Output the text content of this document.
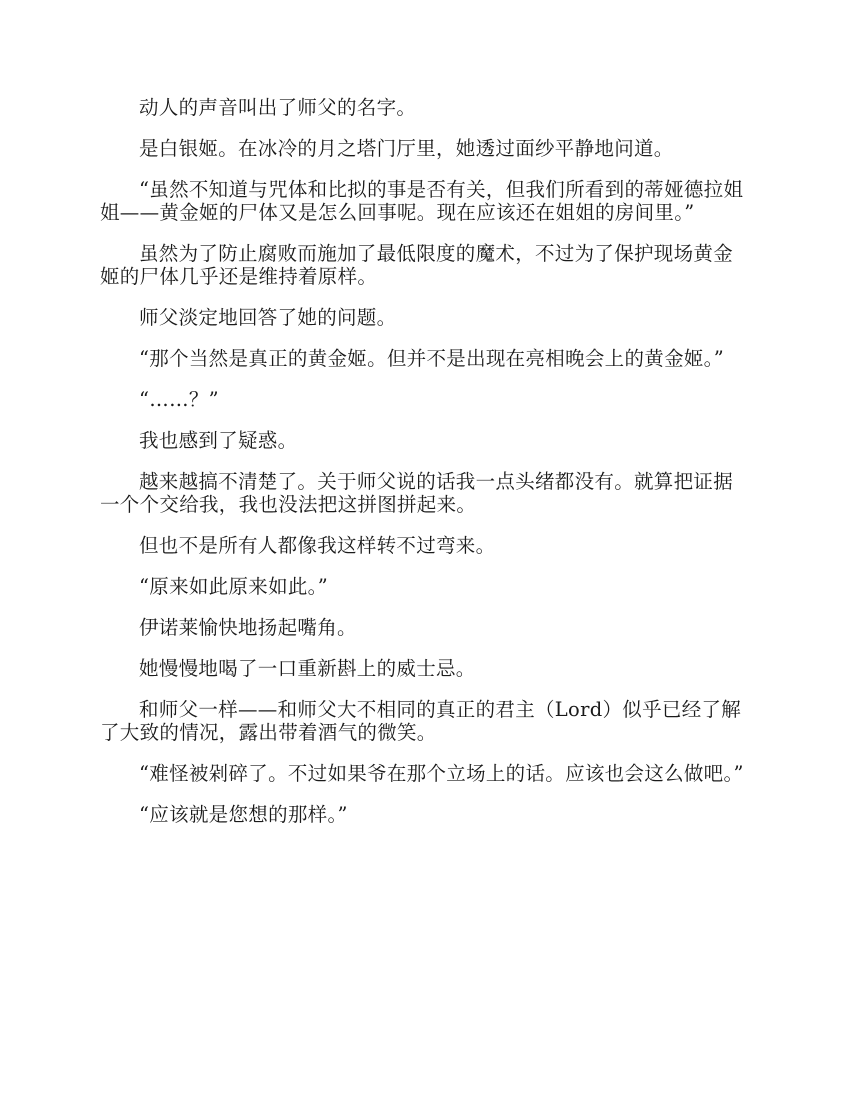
动人的声音叫出了师父的名字。

是白银姬。在冰冷的月之塔门厅里，她透过面纱平静地问道。

“虽然不知道与咒体和比拟的事是否有关，但我们所看到的蒂娅德拉姐姐——黄金姬的尸体又是怎么回事呢。现在应该还在姐姐的房间里。”

虽然为了防止腐败而施加了最低限度的魔术，不过为了保护现场黄金姬的尸体几乎还是维持着原样。

师父淡定地回答了她的问题。

“那个当然是真正的黄金姬。但并不是出现在亮相晚会上的黄金姬。”

“……？”

我也感到了疑惑。

越来越搞不清楚了。关于师父说的话我一点头绪都没有。就算把证据一个个交给我，我也没法把这拼图拼起来。

但也不是所有人都像我这样转不过弯来。

“原来如此原来如此。”

伊诺莱愉快地扬起嘴角。

她慢慢地喝了一口重新斟上的威士忌。

和师父一样——和师父大不相同的真正的君主（Lord）似乎已经了解了大致的情况，露出带着酒气的微笑。

“难怪被剁碎了。不过如果爷在那个立场上的话。应该也会这么做吧。”

“应该就是您想的那样。”
